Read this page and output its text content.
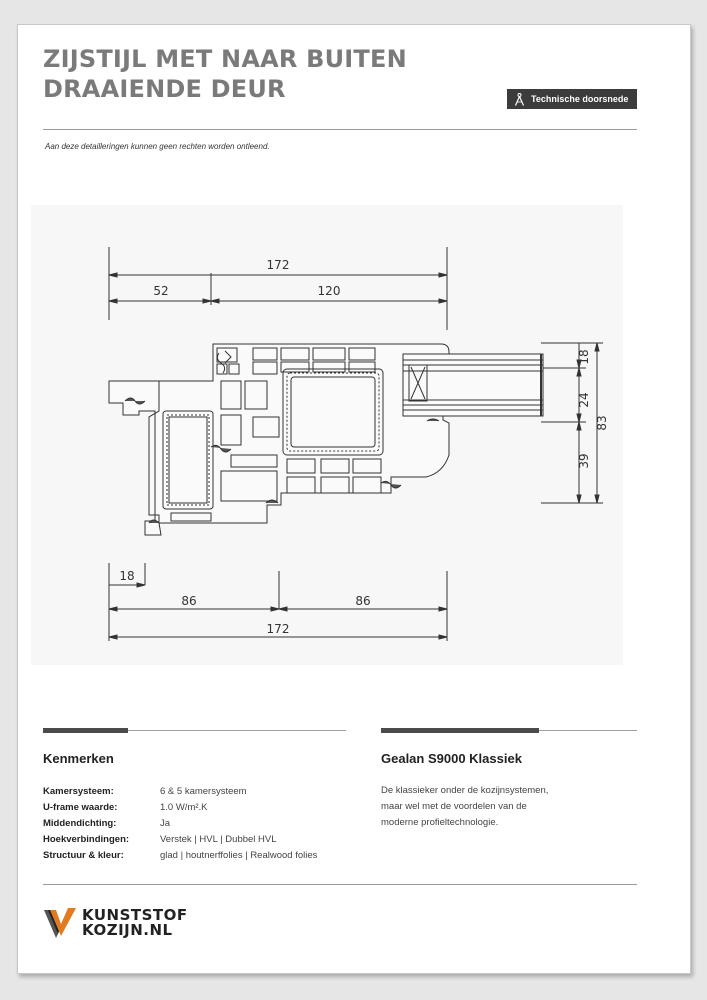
ZIJSTIJL MET NAAR BUITEN
DRAAIENDE DEUR	Technische doorsnede
Aan deze detailleringen kunnen geen rechten worden ontleend.
172
52	120
18
24
39
83
18
86	86
172
Kenmerken	Gealan S9000 Klassiek
Kamersysteem:	6 & 5 kamersysteem
U-frame waarde:	1.0 W/m².K
Middendichting:	Ja
Hoekverbindingen:	Verstek | HVL | Dubbel HVL
Structuur & kleur:	glad | houtnerffolies | Realwood folies
De klassieker onder de kozijnsystemen,
maar wel met de voordelen van de
moderne profieltechnologie.
KUNSTSTOF
KOZIJN.NL
